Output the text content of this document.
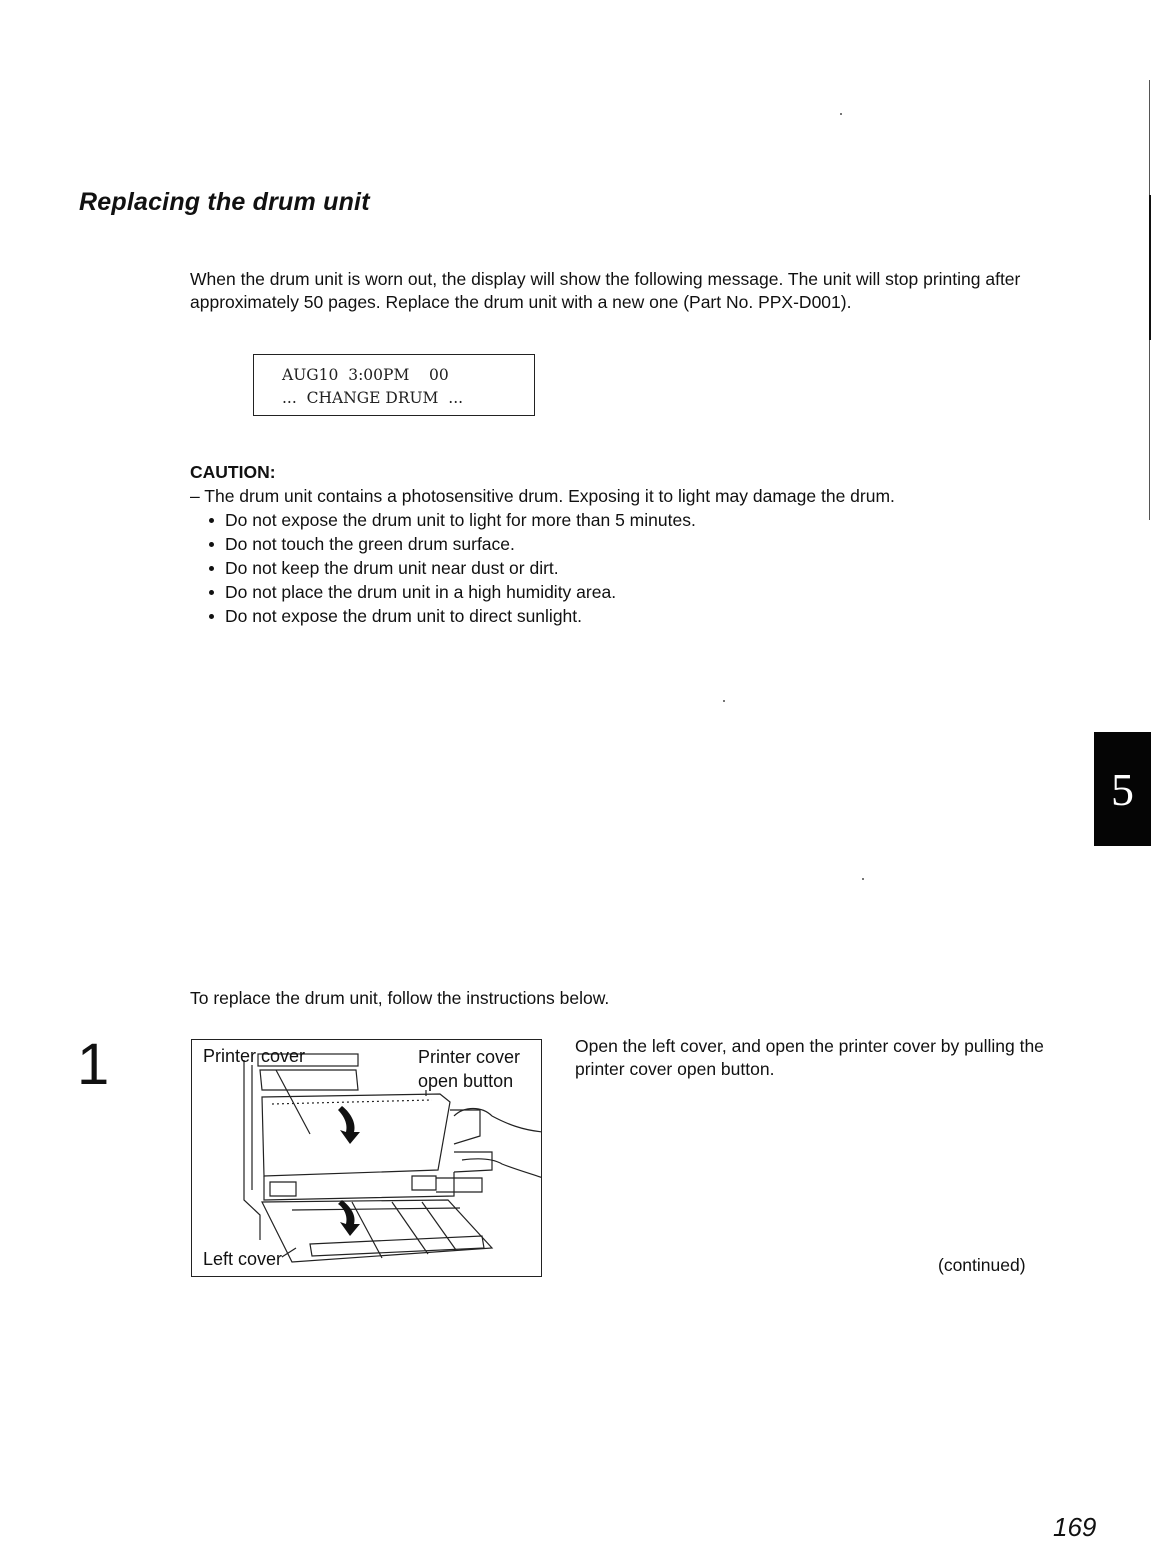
Replacing the drum unit

When the drum unit is worn out, the display will show the following message. The unit will stop printing after approximately 50 pages. Replace the drum unit with a new one (Part No. PPX-D001).

AUG10  3:00PM    00
...  CHANGE DRUM  ...
CAUTION:
– The drum unit contains a photosensitive drum. Exposing it to light may damage the drum.
Do not expose the drum unit to light for more than 5 minutes.
Do not touch the green drum surface.
Do not keep the drum unit near dust or dirt.
Do not place the drum unit in a high humidity area.
Do not expose the drum unit to direct sunlight.
5
To replace the drum unit, follow the instructions below.
1	Printer cover	Printer cover
open button
Left cover

Open the left cover, and open the printer cover by pulling the printer cover open button.

(continued)
169
